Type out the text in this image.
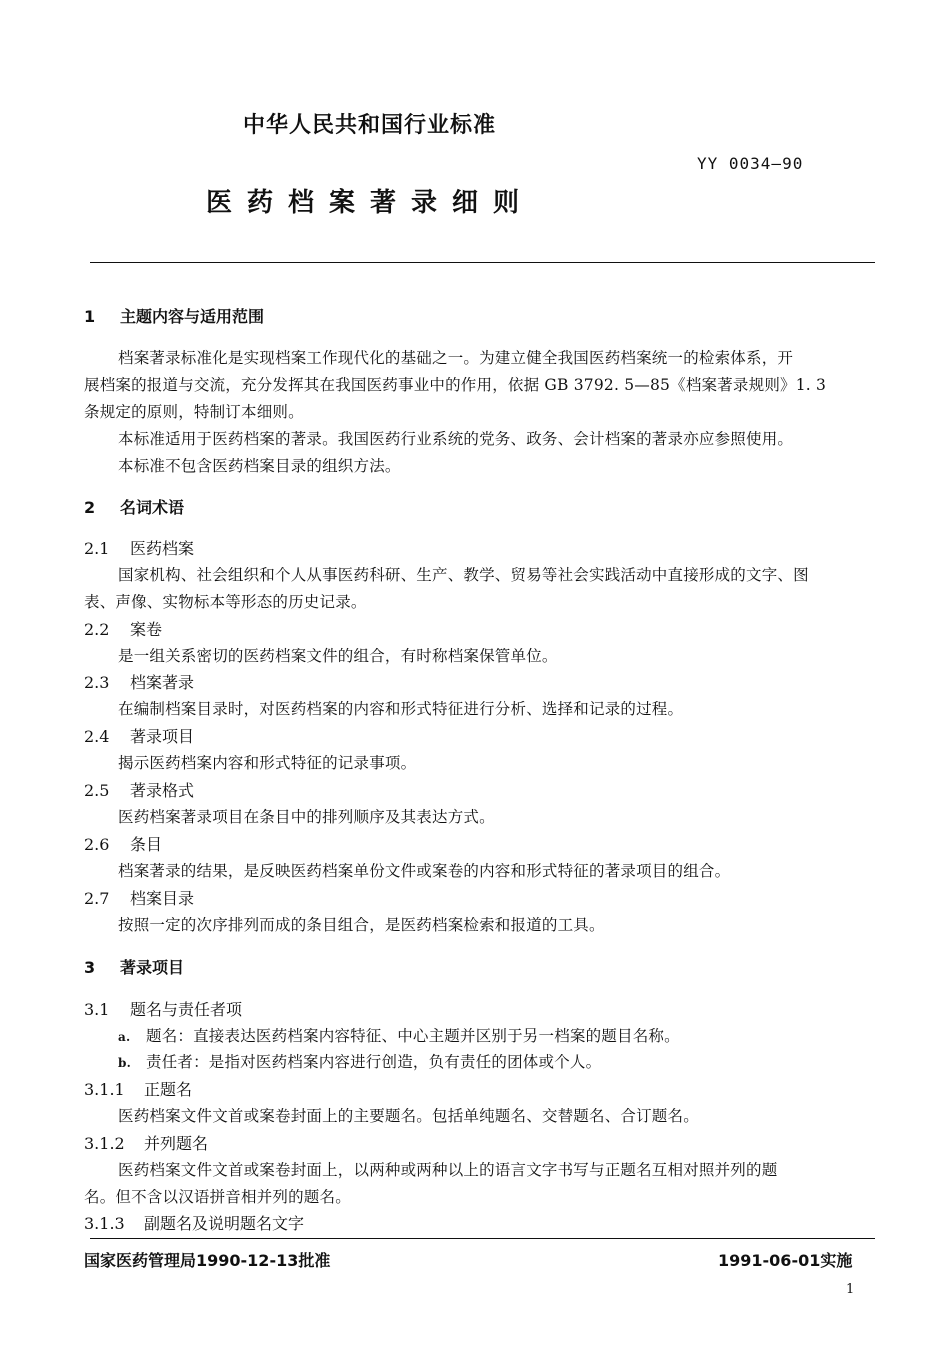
中华人民共和国行业标准
YY 0034—90
医药档案著录细则
1 主题内容与适用范围
档案著录标准化是实现档案工作现代化的基础之一。为建立健全我国医药档案统一的检索体系，开
展档案的报道与交流，充分发挥其在我国医药事业中的作用，依据 GB 3792. 5—85《档案著录规则》1. 3
条规定的原则，特制订本细则。
本标准适用于医药档案的著录。我国医药行业系统的党务、政务、会计档案的著录亦应参照使用。
本标准不包含医药档案目录的组织方法。
2 名词术语
2.1 医药档案
国家机构、社会组织和个人从事医药科研、生产、教学、贸易等社会实践活动中直接形成的文字、图
表、声像、实物标本等形态的历史记录。
2.2 案卷
是一组关系密切的医药档案文件的组合，有时称档案保管单位。
2.3 档案著录
在编制档案目录时，对医药档案的内容和形式特征进行分析、选择和记录的过程。
2.4 著录项目
揭示医药档案内容和形式特征的记录事项。
2.5 著录格式
医药档案著录项目在条目中的排列顺序及其表达方式。
2.6 条目
档案著录的结果，是反映医药档案单份文件或案卷的内容和形式特征的著录项目的组合。
2.7 档案目录
按照一定的次序排列而成的条目组合，是医药档案检索和报道的工具。
3 著录项目
3.1 题名与责任者项
a. 题名：直接表达医药档案内容特征、中心主题并区别于另一档案的题目名称。
b. 责任者：是指对医药档案内容进行创造，负有责任的团体或个人。
3.1.1 正题名
医药档案文件文首或案卷封面上的主要题名。包括单纯题名、交替题名、合订题名。
3.1.2 并列题名
医药档案文件文首或案卷封面上，以两种或两种以上的语言文字书写与正题名互相对照并列的题
名。但不含以汉语拼音相并列的题名。
3.1.3 副题名及说明题名文字
国家医药管理局1990-12-13批准	1991-06-01实施
1
